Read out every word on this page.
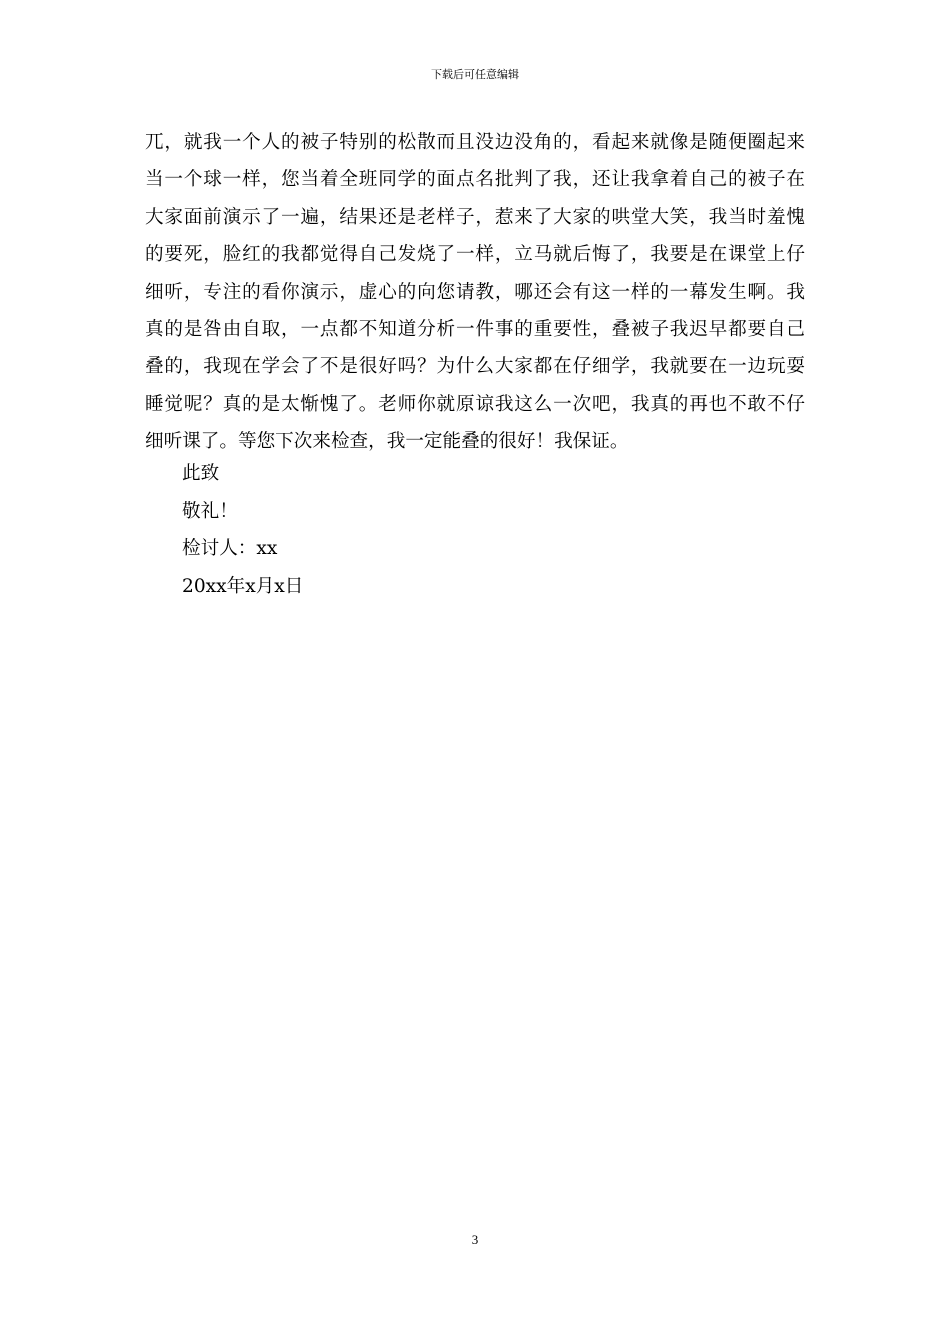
下载后可任意编辑
兀，就我一个人的被子特别的松散而且没边没角的，看起来就像是随便圈起来
当一个球一样，您当着全班同学的面点名批判了我，还让我拿着自己的被子在
大家面前演示了一遍，结果还是老样子，惹来了大家的哄堂大笑，我当时羞愧
的要死，脸红的我都觉得自己发烧了一样，立马就后悔了，我要是在课堂上仔
细听，专注的看你演示，虚心的向您请教，哪还会有这一样的一幕发生啊。我
真的是咎由自取，一点都不知道分析一件事的重要性，叠被子我迟早都要自己
叠的，我现在学会了不是很好吗？为什么大家都在仔细学，我就要在一边玩耍
睡觉呢？真的是太惭愧了。老师你就原谅我这么一次吧，我真的再也不敢不仔
细听课了。等您下次来检查，我一定能叠的很好！我保证。
此致
敬礼！
检讨人：xx
20xx年x月x日
3
